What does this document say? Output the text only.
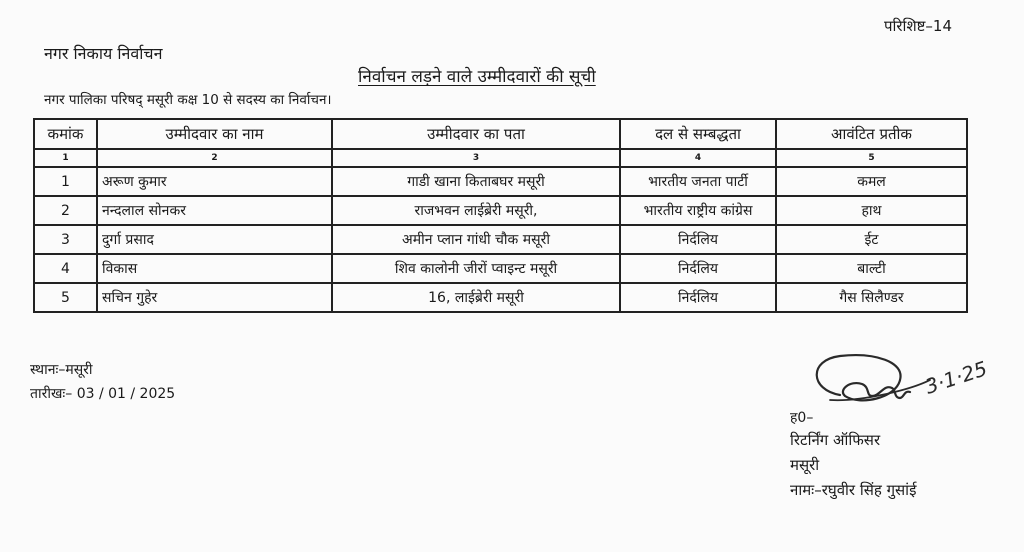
परिशिष्ट–14
नगर निकाय निर्वाचन
निर्वाचन लड़ने वाले उम्मीदवारों की सूची
नगर पालिका परिषद् मसूरी कक्ष 10 से सदस्य का निर्वाचन।
कमांक	उम्मीदवार का नाम	उम्मीदवार का पता	दल से सम्बद्धता	आवंटित प्रतीक
1	2	3	4	5
1	अरूण कुमार	गाडी खाना किताबघर मसूरी	भारतीय जनता पार्टी	कमल
2	नन्दलाल सोनकर	राजभवन लाईब्रेरी मसूरी,	भारतीय राष्ट्रीय कांग्रेस	हाथ
3	दुर्गा प्रसाद	अमीन प्लान गांधी चौक मसूरी	निर्दलिय	ईट
4	विकास	शिव कालोनी जीरों प्वाइन्ट मसूरी	निर्दलिय	बाल्टी
5	सचिन गुहेर	16, लाईब्रेरी मसूरी	निर्दलिय	गैस सिलैण्डर
स्थानः–मसूरी
तारीखः– 03 / 01 / 2025	3·1·25
ह0–
रिटर्निंग ऑफिसर
मसूरी
नामः–रघुवीर सिंह गुसांई
